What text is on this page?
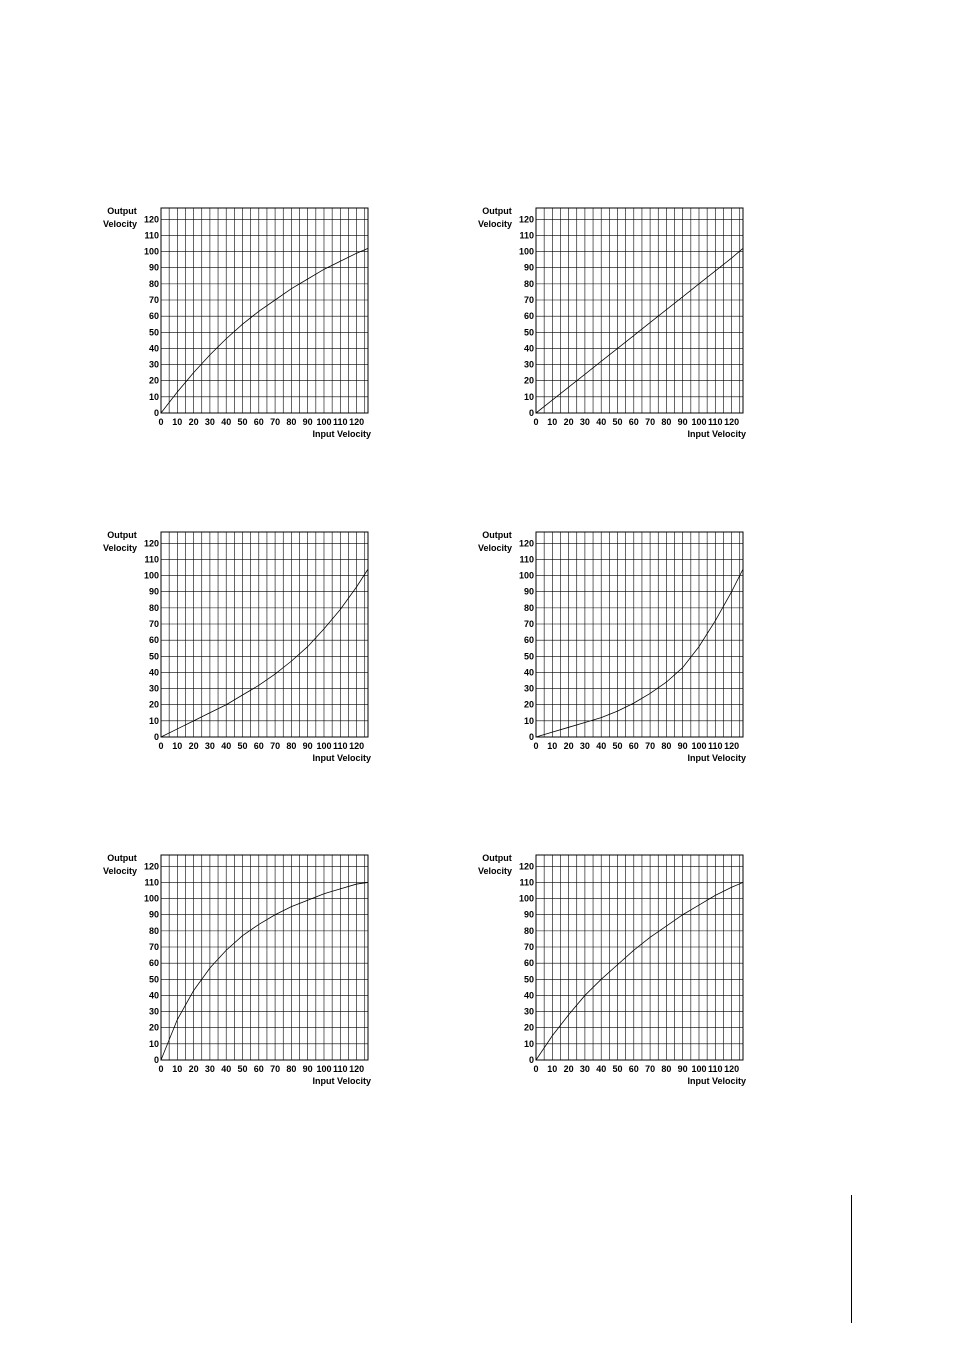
0
10
20
30
40
50
60
70
80
90
100
110
120
0 10 20 30 40 50 60 70 80 90 100 110 120
Output
Velocity
Input Velocity
0
10
20
30
40
50
60
70
80
90
100
110
120
0 10 20 30 40 50 60 70 80 90 100 110 120
Output
Velocity
Input Velocity
0
10
20
30
40
50
60
70
80
90
100
110
120
0 10 20 30 40 50 60 70 80 90 100 110 120
Output
Velocity
Input Velocity
0
10
20
30
40
50
60
70
80
90
100
110
120
0 10 20 30 40 50 60 70 80 90 100 110 120
Output
Velocity
Input Velocity
0
10
20
30
40
50
60
70
80
90
100
110
120
0 10 20 30 40 50 60 70 80 90 100 110 120
Output
Velocity
Input Velocity
0
10
20
30
40
50
60
70
80
90
100
110
120
0 10 20 30 40 50 60 70 80 90 100 110 120
Output
Velocity
Input Velocity
